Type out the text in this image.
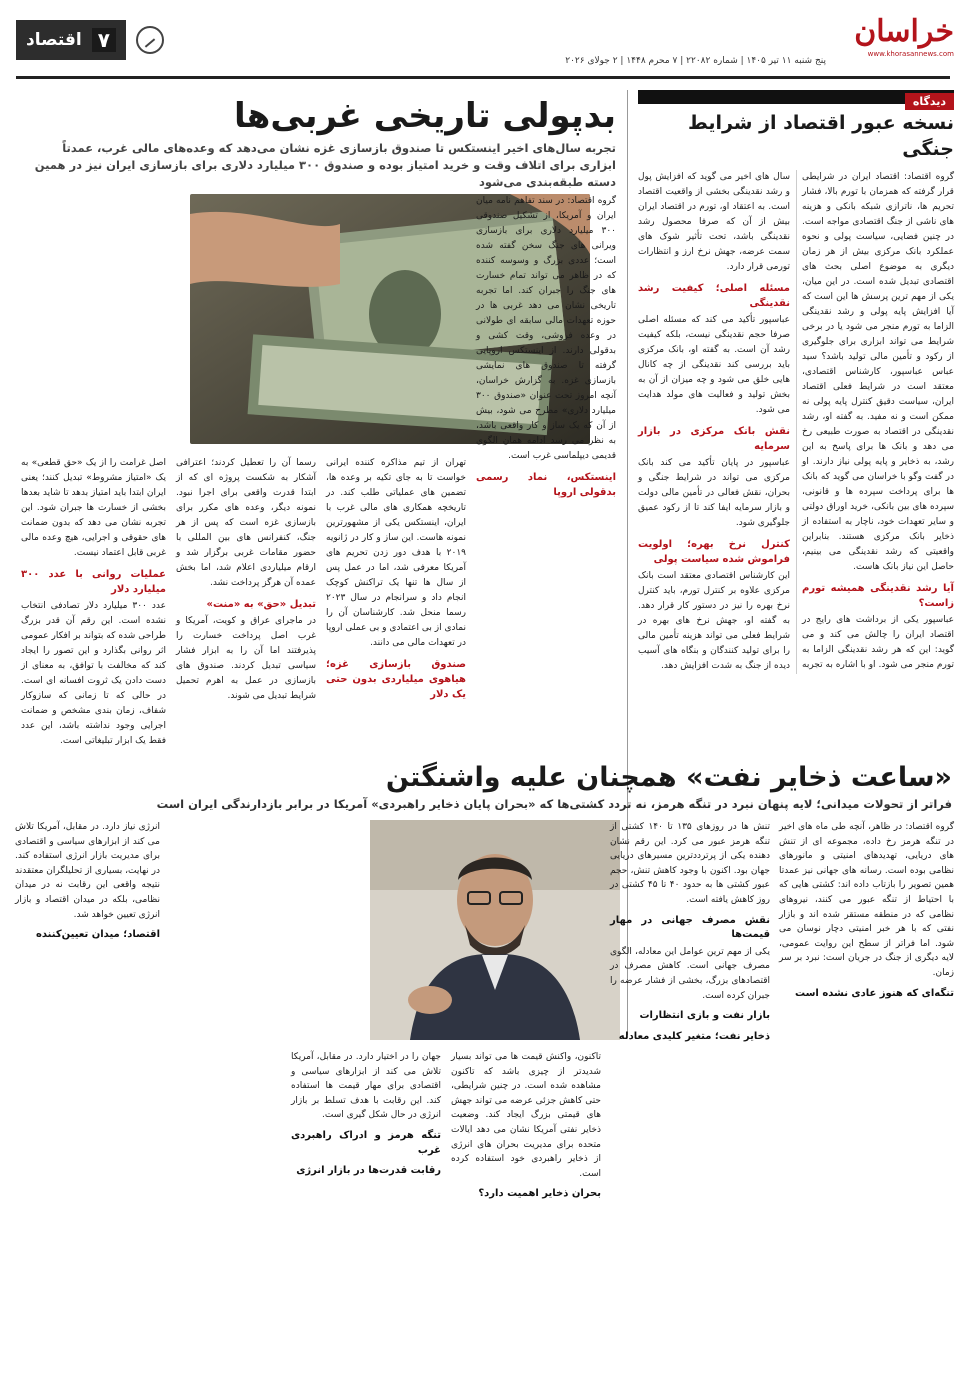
خراسان
www.khorasannews.com
پنج شنبه ۱۱ تیر ۱۴۰۵ | شماره ۲۲۰۸۲ | ۷ محرم ۱۴۴۸ | ۲ جولای ۲۰۲۶
۷
اقتصاد
دیدگاه
نسخه عبور اقتصاد از شرایط جنگی

گروه اقتصاد: اقتصاد ایران در شرایطی قرار گرفته که همزمان با تورم بالا، فشار تحریم ها، ناترازی شبکه بانکی و هزینه های ناشی از جنگ اقتصادی مواجه است. در چنین فضایی، سیاست پولی و نحوه عملکرد بانک مرکزی بیش از هر زمان دیگری به موضوع اصلی بحث های اقتصادی تبدیل شده است. در این میان، یکی از مهم ترین پرسش ها این است که آیا افزایش پایه پولی و رشد نقدینگی الزاما به تورم منجر می شود یا در برخی شرایط می تواند ابزاری برای جلوگیری از رکود و تأمین مالی تولید باشد؟ سید عباس عباسپور، کارشناس اقتصادی، معتقد است در شرایط فعلی اقتصاد ایران، سیاست دقیق کنترل پایه پولی نه ممکن است و نه مفید. به گفته او، رشد نقدینگی در اقتصاد به صورت طبیعی رخ می دهد و بانک ها برای پاسخ به این رشد، به ذخایر و پایه پولی نیاز دارند. او در گفت وگو با خراسان می گوید که بانک ها برای پرداخت سپرده ها و قانونی، سپرده های بین بانکی، خرید اوراق دولتی و سایر تعهدات خود، ناچار به استفاده از ذخایر بانک مرکزی هستند. بنابراین واقعیتی که رشد نقدینگی می بینیم، حاصل این نیاز بانک هاست.

آیا رشد نقدینگی همیشه تورم زاست؟

عباسپور یکی از برداشت های رایج در اقتصاد ایران را چالش می کند و می گوید: این که هر رشد نقدینگی الزاما به تورم منجر می شود. او با اشاره به تجربه سال های اخیر می گوید که افزایش پول و رشد نقدینگی بخشی از واقعیت اقتصاد است. به اعتقاد او، تورم در اقتصاد ایران بیش از آن که صرفا محصول رشد نقدینگی باشد، تحت تأثیر شوک های سمت عرضه، جهش نرخ ارز و انتظارات تورمی قرار دارد.

مسئله اصلی؛ کیفیت رشد نقدینگی

عباسپور تأکید می کند که مسئله اصلی صرفا حجم نقدینگی نیست، بلکه کیفیت رشد آن است. به گفته او، بانک مرکزی باید بررسی کند نقدینگی از چه کانال هایی خلق می شود و چه میزان از آن به بخش تولید و فعالیت های مولد هدایت می شود.

نقش بانک مرکزی در بازار سرمایه

عباسپور در پایان تأکید می کند بانک مرکزی می تواند در شرایط جنگی و بحران، نقش فعالی در تأمین مالی دولت و بازار سرمایه ایفا کند تا از رکود عمیق جلوگیری شود.

کنترل نرخ بهره؛ اولویت فراموش شده سیاست پولی

این کارشناس اقتصادی معتقد است بانک مرکزی علاوه بر کنترل تورم، باید کنترل نرخ بهره را نیز در دستور کار قرار دهد. به گفته او، جهش نرخ های بهره در شرایط فعلی می تواند هزینه تأمین مالی را برای تولید کنندگان و بنگاه های آسیب دیده از جنگ به شدت افزایش دهد.

بدپولی تاریخی غربی‌ها
تجربه سال‌های اخیر اینستکس تا صندوق بازسازی غزه نشان می‌دهد که وعده‌های مالی غرب، عمدتاً ابزاری برای اتلاف وقت و خرید امتیاز بوده و صندوق ۳۰۰ میلیارد دلاری برای بازسازی ایران نیز در همین دسته طبقه‌بندی می‌شود

گروه اقتصاد: در سند تفاهم نامه میان ایران و آمریکا، از تشکیل صندوقی ۳۰۰ میلیارد دلاری برای بازسازی ویرانی های جنگ سخن گفته شده است؛ عددی بزرگ و وسوسه کننده که در ظاهر می تواند تمام خسارت های جنگ را جبران کند. اما تجربه تاریخی نشان می دهد غربی ها در حوزه تعهدات مالی سابقه ای طولانی در وعده فروشی، وقت کشی و بدقولی دارند. از اینستکس اروپایی گرفته تا صندوق های نمایشی بازسازی غزه. به گزارش خراسان، آنچه امروز تحت عنوان «صندوق ۳۰۰ میلیارد دلاری» مطرح می شود، بیش از آن که یک ساز و کار واقعی باشد، به نظر می رسد ادامه همان الگوی قدیمی دیپلماسی غرب است.

اینستکس، نماد رسمی بدقولی اروپا

تهران از تیم مذاکره کننده ایرانی خواست تا به جای تکیه بر وعده ها، تضمین های عملیاتی طلب کند. در تاریخچه همکاری های مالی غرب با ایران، اینستکس یکی از مشهورترین نمونه هاست. این ساز و کار در ژانویه ۲۰۱۹ با هدف دور زدن تحریم های آمریکا معرفی شد، اما در عمل پس از سال ها تنها یک تراکنش کوچک انجام داد و سرانجام در سال ۲۰۲۳ رسما منحل شد. کارشناسان آن را نمادی از بی اعتمادی و بی عملی اروپا در تعهدات مالی می دانند.

صندوق بازسازی غزه؛ هیاهوی میلیاردی بدون حتی یک دلار

رسما آن را تعطیل کردند؛ اعترافی آشکار به شکست پروژه ای که از ابتدا قدرت واقعی برای اجرا نبود. نمونه دیگر، وعده های مکرر برای بازسازی غزه است که پس از هر جنگ، کنفرانس های بین المللی با حضور مقامات غربی برگزار شد و ارقام میلیاردی اعلام شد، اما بخش عمده آن هرگز پرداخت نشد.

تبدیل «حق» به «منت»

در ماجرای عراق و کویت، آمریکا و غرب اصل پرداخت خسارت را پذیرفتند اما آن را به ابزار فشار سیاسی تبدیل کردند. صندوق های بازسازی در عمل به اهرم تحمیل شرایط تبدیل می شوند.

اصل غرامت را از یک «حق قطعی» به یک «امتیاز مشروط» تبدیل کنند؛ یعنی ایران ابتدا باید امتیاز بدهد تا شاید بعدها بخشی از خسارت ها جبران شود. این تجربه نشان می دهد که بدون ضمانت های حقوقی و اجرایی، هیچ وعده مالی غربی قابل اعتماد نیست.

عملیات روانی با عدد ۳۰۰ میلیارد دلار

عدد ۳۰۰ میلیارد دلار تصادفی انتخاب نشده است. این رقم آن قدر بزرگ طراحی شده که بتواند بر افکار عمومی اثر روانی بگذارد و این تصور را ایجاد کند که مخالفت با توافق، به معنای از دست دادن یک ثروت افسانه ای است. در حالی که تا زمانی که سازوکار شفاف، زمان بندی مشخص و ضمانت اجرایی وجود نداشته باشد، این عدد فقط یک ابزار تبلیغاتی است.

«ساعت ذخایر نفت» همچنان علیه واشنگتن
فراتر از تحولات میدانی؛ لایه پنهان نبرد در تنگه هرمز، نه تردد کشتی‌ها که «بحران پایان ذخایر راهبردی» آمریکا در برابر بازدارندگی ایران است

گروه اقتصاد: در ظاهر، آنچه طی ماه های اخیر در تنگه هرمز رخ داده، مجموعه ای از تنش های دریایی، تهدیدهای امنیتی و مانورهای نظامی بوده است. رسانه های جهانی نیز عمدتا همین تصویر را بازتاب داده اند: کشتی هایی که با احتیاط از تنگه عبور می کنند، نیروهای نظامی که در منطقه مستقر شده اند و بازار نفتی که با هر خبر امنیتی دچار نوسان می شود. اما فراتر از سطح این روایت عمومی، لایه دیگری از جنگ در جریان است: نبرد بر سر زمان.

تنگه‌ای که هنوز عادی نشده است

تنش ها در روزهای ۱۳۵ تا ۱۴۰ کشتی از تنگه هرمز عبور می کرد. این رقم نشان دهنده یکی از پرترددترین مسیرهای دریایی جهان بود. اکنون با وجود کاهش تنش، حجم عبور کشتی ها به حدود ۴۰ تا ۴۵ کشتی در روز کاهش یافته است.

نقش مصرف جهانی در مهار قیمت‌ها

یکی از مهم ترین عوامل این معادله، الگوی مصرف جهانی است. کاهش مصرف در اقتصادهای بزرگ، بخشی از فشار عرضه را جبران کرده است.

بازار نفت و بازی انتظارات
ذخایر نفت؛ متغیر کلیدی معادله

تاکنون، واکنش قیمت ها می تواند بسیار شدیدتر از چیزی باشد که تاکنون مشاهده شده است. در چنین شرایطی، حتی کاهش جزئی عرضه می تواند جهش های قیمتی بزرگ ایجاد کند. وضعیت ذخایر نفتی آمریکا نشان می دهد ایالات متحده برای مدیریت بحران های انرژی از ذخایر راهبردی خود استفاده کرده است.

بحران ذخایر اهمیت دارد؟

جهان را در اختیار دارد. در مقابل، آمریکا تلاش می کند از ابزارهای سیاسی و اقتصادی برای مهار قیمت ها استفاده کند. این رقابت با هدف تسلط بر بازار انرژی در حال شکل گیری است.

تنگه هرمز و ادراک راهبردی غرب
رقابت قدرت‌ها در بازار انرژی

انرژی نیاز دارد. در مقابل، آمریکا تلاش می کند از ابزارهای سیاسی و اقتصادی برای مدیریت بازار انرژی استفاده کند. در نهایت، بسیاری از تحلیلگران معتقدند نتیجه واقعی این رقابت نه در میدان نظامی، بلکه در میدان اقتصاد و بازار انرژی تعیین خواهد شد.

اقتصاد؛ میدان تعیین‌کننده
